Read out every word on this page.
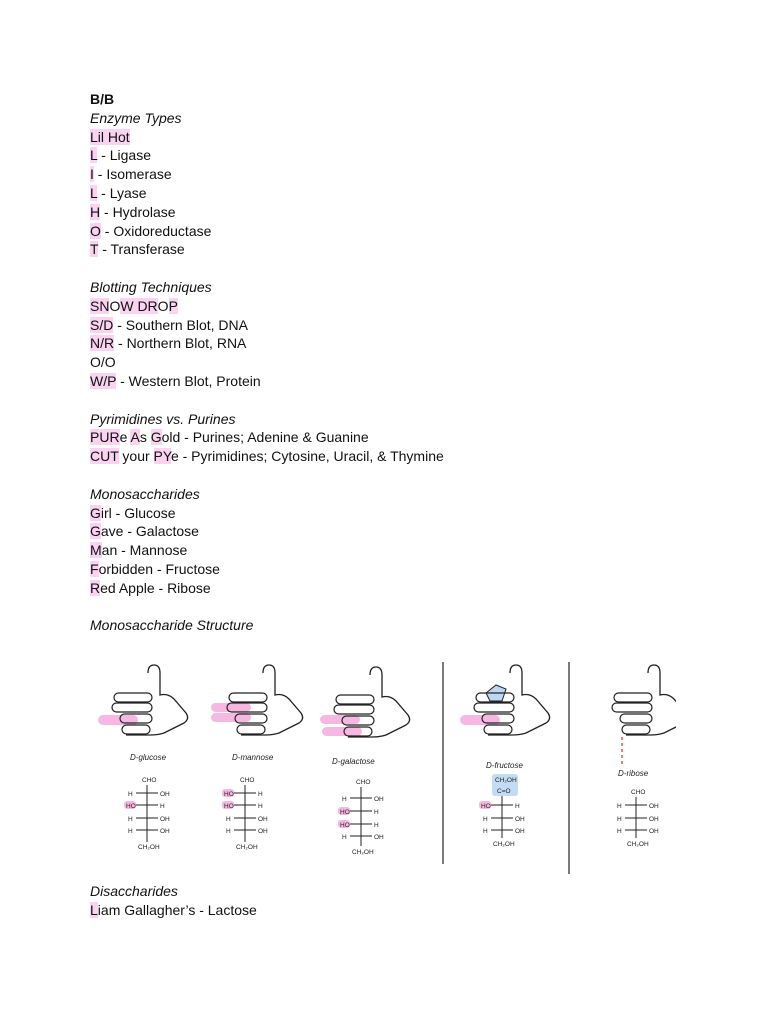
B/B
Enzyme Types
Lil Hot
L - Ligase
I - Isomerase
L - Lyase
H - Hydrolase
O - Oxidoreductase
T - Transferase
Blotting Techniques
SNOW DROP
S/D - Southern Blot, DNA
N/R - Northern Blot, RNA
O/O
W/P - Western Blot, Protein
Pyrimidines vs. Purines
PURe As Gold - Purines; Adenine & Guanine
CUT your PYe - Pyrimidines; Cytosine, Uracil, & Thymine
Monosaccharides
Girl - Glucose
Gave - Galactose
Man - Mannose
Forbidden - Fructose
Red Apple - Ribose
Monosaccharide Structure
D-glucose	D-mannose	D-galactose	D-fructose
D-ribose
CHO
H	OH
HO	H
H	OH
H	OH
CH₂OH
CHO
HO	H
HO	H
H	OH
H	OH
CH₂OH
CHO
H	OH
HO	H
HO	H
H	OH
CH₂OH
CH₂OH
C=O
HO	H
H	OH
H	OH
CH₂OH
CHO
H	OH
H	OH
H	OH
CH₂OH
Disaccharides
Liam Gallagher’s - Lactose
